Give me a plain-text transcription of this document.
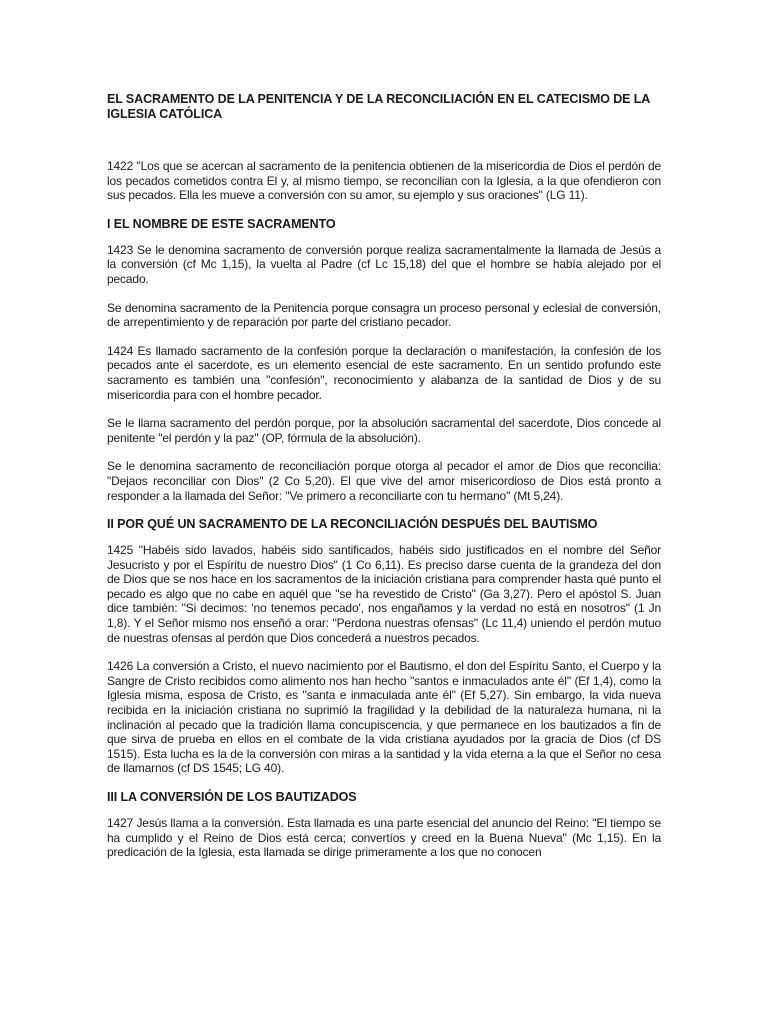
EL SACRAMENTO DE LA PENITENCIA Y DE LA RECONCILIACIÓN EN EL CATECISMO DE LA IGLESIA CATÓLICA

1422 "Los que se acercan al sacramento de la penitencia obtienen de la misericordia de Dios el perdón de los pecados cometidos contra El y, al mismo tiempo, se reconcilian con la Iglesia, a la que ofendieron con sus pecados. Ella les mueve a conversión con su amor, su ejemplo y sus oraciones" (LG 11).

I EL NOMBRE DE ESTE SACRAMENTO

1423 Se le denomina sacramento de conversión porque realiza sacramentalmente la llamada de Jesús a la conversión (cf Mc 1,15), la vuelta al Padre (cf Lc 15,18) del que el hombre se había alejado por el pecado.

Se denomina sacramento de la Penitencia porque consagra un proceso personal y eclesial de conversión, de arrepentimiento y de reparación por parte del cristiano pecador.

1424 Es llamado sacramento de la confesión porque la declaración o manifestación, la confesión de los pecados ante el sacerdote, es un elemento esencial de este sacramento. En un sentido profundo este sacramento es también una "confesión", reconocimiento y alabanza de la santidad de Dios y de su misericordia para con el hombre pecador.

Se le llama sacramento del perdón porque, por la absolución sacramental del sacerdote, Dios concede al penitente "el perdón y la paz" (OP, fórmula de la absolución).

Se le denomina sacramento de reconciliación porque otorga al pecador el amor de Dios que reconcilia: "Dejaos reconciliar con Dios" (2 Co 5,20). El que vive del amor misericordioso de Dios está pronto a responder a la llamada del Señor: "Ve primero a reconciliarte con tu hermano" (Mt 5,24).

II POR QUÉ UN SACRAMENTO DE LA RECONCILIACIÓN DESPUÉS DEL BAUTISMO

1425 "Habéis sido lavados, habéis sido santificados, habéis sido justificados en el nombre del Señor Jesucristo y por el Espíritu de nuestro Dios" (1 Co 6,11). Es preciso darse cuenta de la grandeza del don de Dios que se nos hace en los sacramentos de la iniciación cristiana para comprender hasta qué punto el pecado es algo que no cabe en aquél que "se ha revestido de Cristo" (Ga 3,27). Pero el apóstol S. Juan dice también: "Si decimos: 'no tenemos pecado', nos engañamos y la verdad no está en nosotros" (1 Jn 1,8). Y el Señor mismo nos enseñó a orar: "Perdona nuestras ofensas" (Lc 11,4) uniendo el perdón mutuo de nuestras ofensas al perdón que Dios concederá a nuestros pecados.

1426 La conversión a Cristo, el nuevo nacimiento por el Bautismo, el don del Espíritu Santo, el Cuerpo y la Sangre de Cristo recibidos como alimento nos han hecho "santos e inmaculados ante él" (Ef 1,4), como la Iglesia misma, esposa de Cristo, es "santa e inmaculada ante él" (Ef 5,27). Sin embargo, la vida nueva recibida en la iniciación cristiana no suprimió la fragilidad y la debilidad de la naturaleza humana, ni la inclinación al pecado que la tradición llama concupiscencia, y que permanece en los bautizados a fin de que sirva de prueba en ellos en el combate de la vida cristiana ayudados por la gracia de Dios (cf DS 1515). Esta lucha es la de la conversión con miras a la santidad y la vida eterna a la que el Señor no cesa de llamarnos (cf DS 1545; LG 40).

III LA CONVERSIÓN DE LOS BAUTIZADOS

1427 Jesús llama a la conversión. Esta llamada es una parte esencial del anuncio del Reino: "El tiempo se ha cumplido y el Reino de Dios está cerca; convertíos y creed en la Buena Nueva" (Mc 1,15). En la predicación de la Iglesia, esta llamada se dirige primeramente a los que no conocen
